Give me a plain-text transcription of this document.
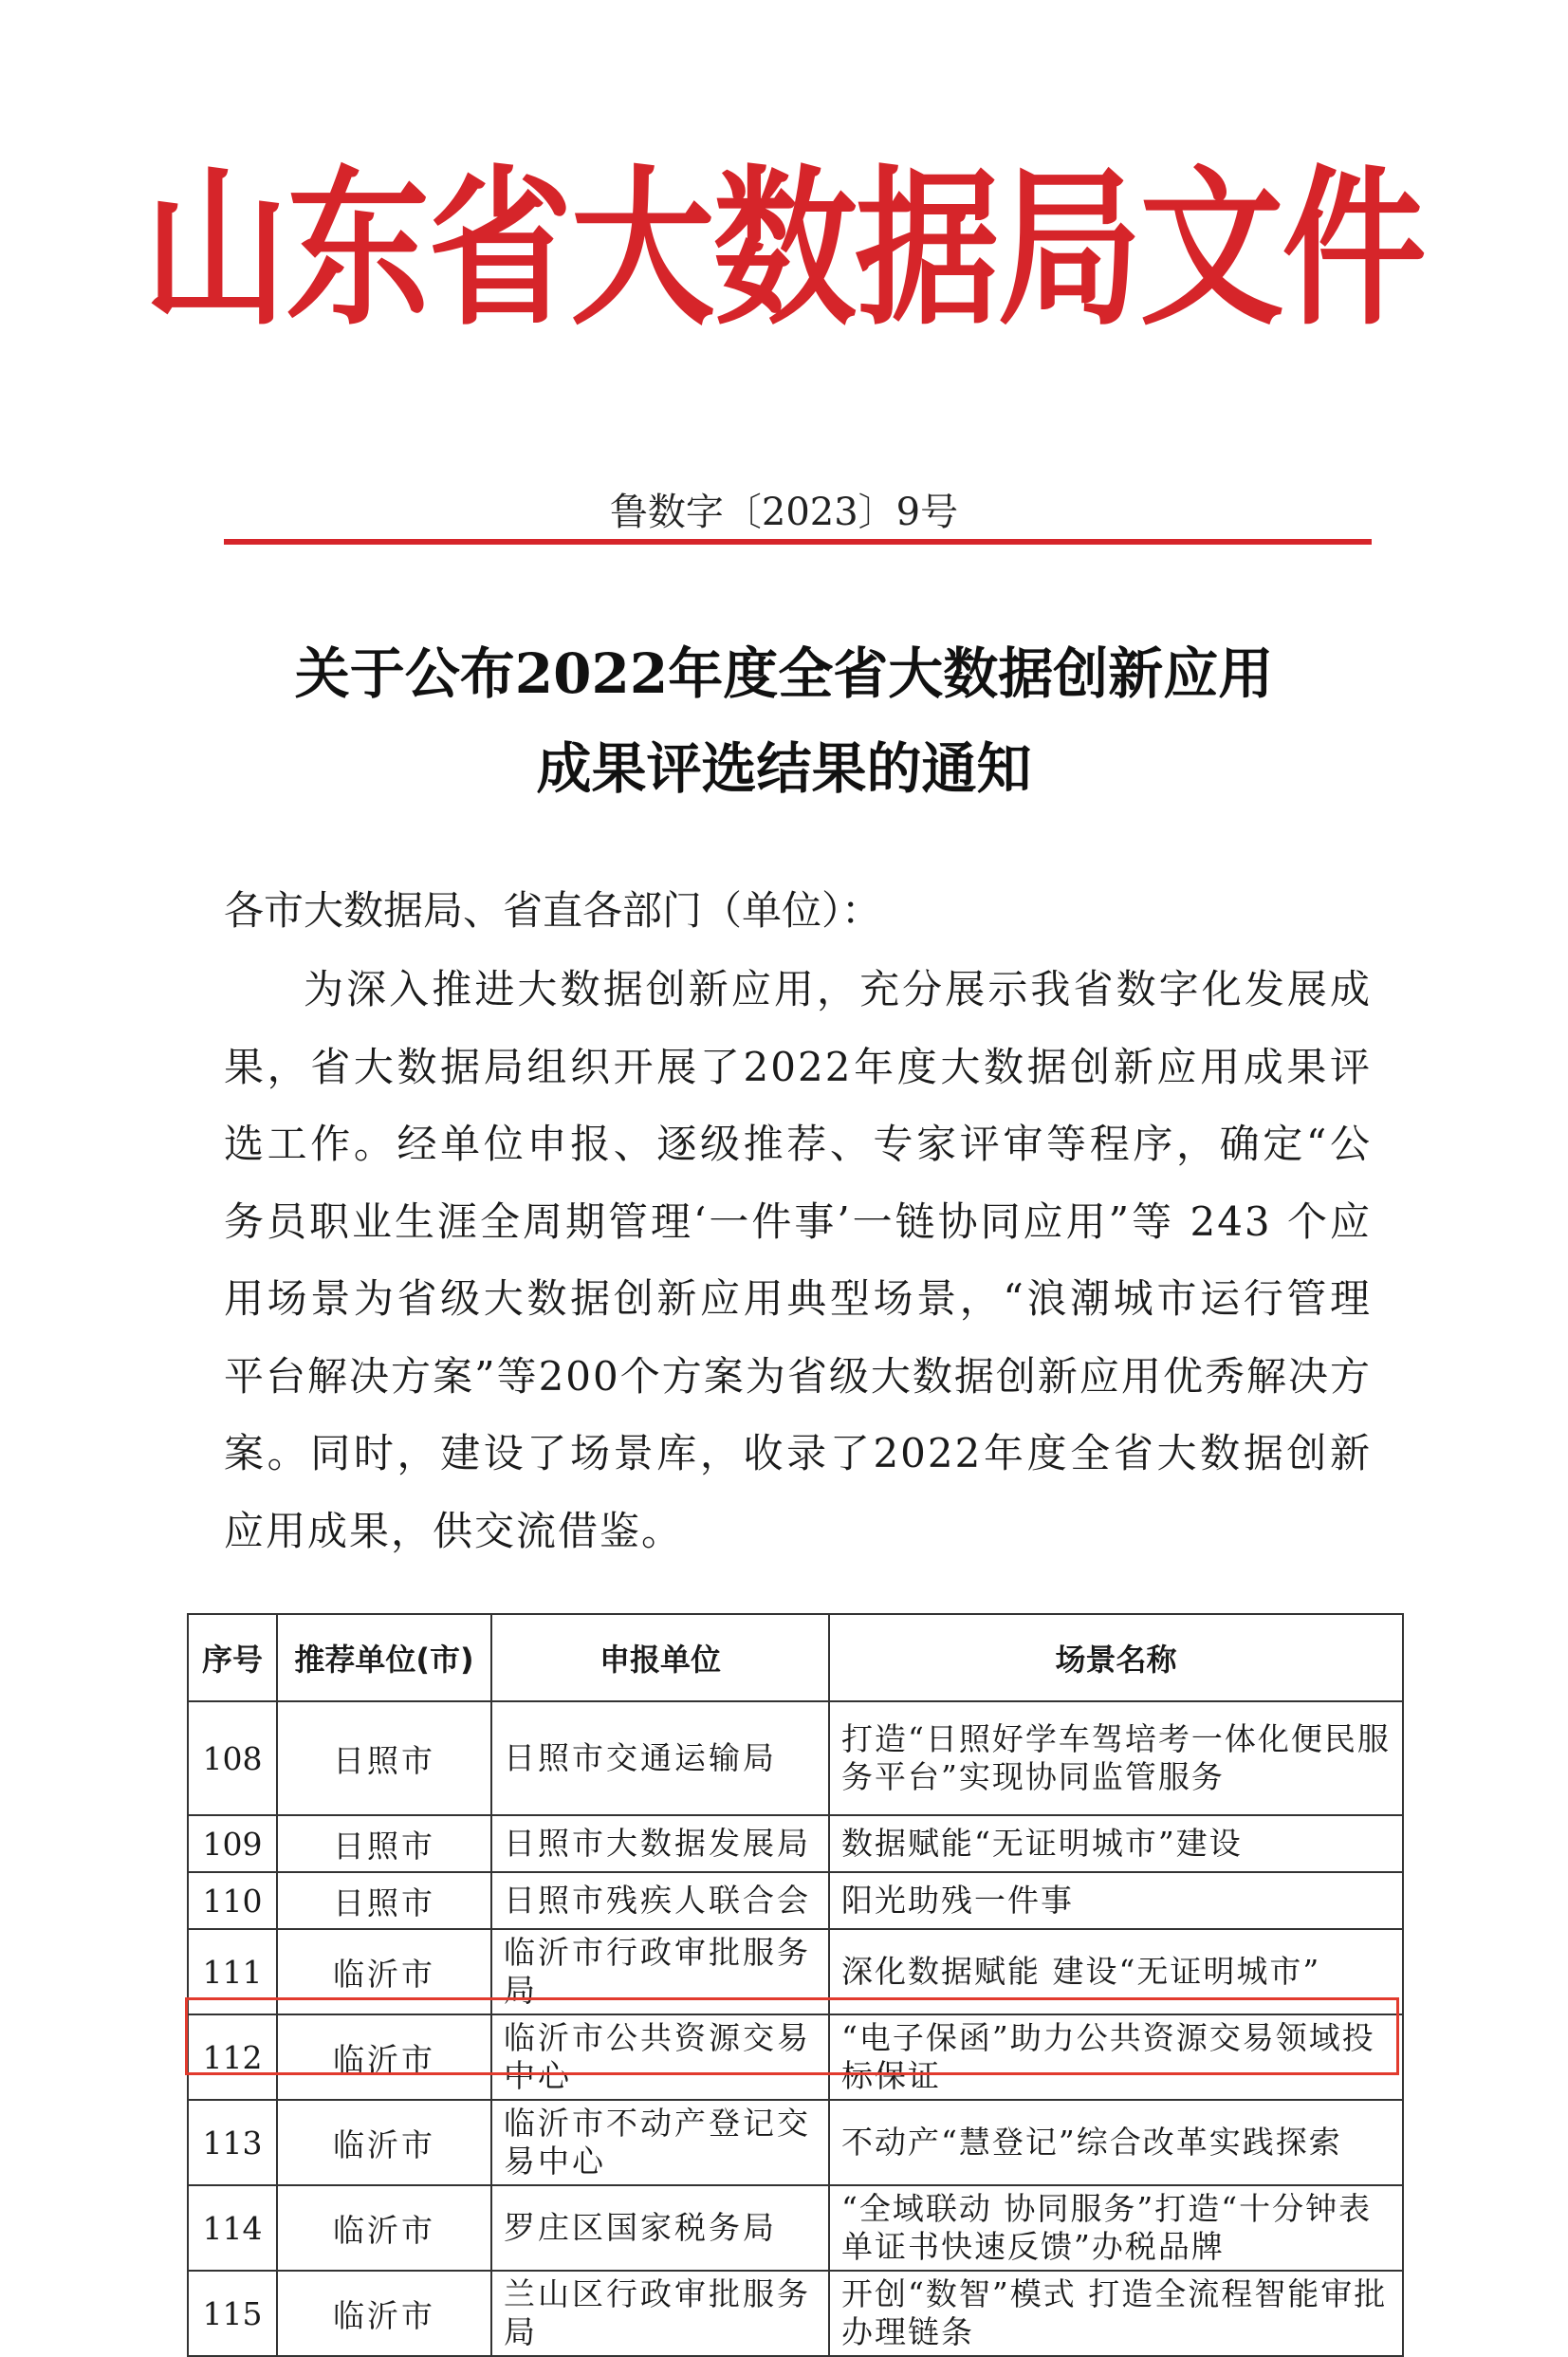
山东省大数据局文件
鲁数字〔2023〕9号
关于公布2022年度全省大数据创新应用
成果评选结果的通知
各市大数据局、省直各部门（单位）：
为深入推进大数据创新应用，充分展示我省数字化发展成果，省大数据局组织开展了2022年度大数据创新应用成果评选工作。经单位申报、逐级推荐、专家评审等程序，确定“公务员职业生涯全周期管理‘一件事’一链协同应用”等 243 个应用场景为省级大数据创新应用典型场景，“浪潮城市运行管理平台解决方案”等200个方案为省级大数据创新应用优秀解决方案。同时，建设了场景库，收录了2022年度全省大数据创新应用成果，供交流借鉴。
序号	推荐单位(市)	申报单位	场景名称
108	日照市	日照市交通运输局	打造“日照好学车驾培考一体化便民服务平台”实现协同监管服务
109	日照市	日照市大数据发展局	数据赋能“无证明城市”建设
110	日照市	日照市残疾人联合会	阳光助残一件事
111	临沂市	临沂市行政审批服务局	深化数据赋能 建设“无证明城市”
112	临沂市	临沂市公共资源交易中心	“电子保函”助力公共资源交易领域投标保证
113	临沂市	临沂市不动产登记交易中心	不动产“慧登记”综合改革实践探索
114	临沂市	罗庄区国家税务局	“全域联动 协同服务”打造“十分钟表单证书快速反馈”办税品牌
115	临沂市	兰山区行政审批服务局	开创“数智”模式 打造全流程智能审批办理链条
